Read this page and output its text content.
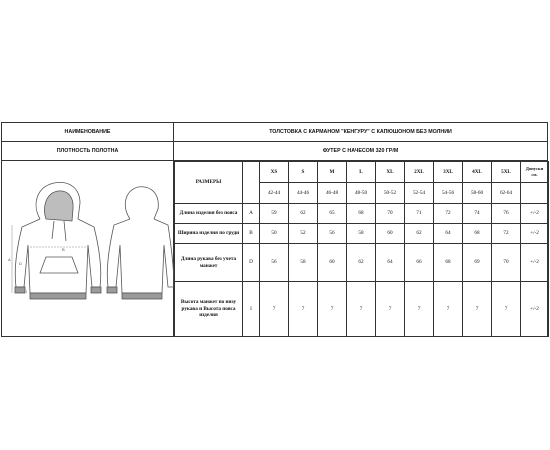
НАИМЕНОВАНИЕ	ТОЛСТОВКА С КАРМАНОМ "КЕНГУРУ" С КАПЮШОНОМ БЕЗ МОЛНИИ
ПЛОТНОСТЬ ПОЛОТНА	ФУТЕР С НАЧЕСОМ 320 ГР/М
A
B
D
I
РАЗМЕРЫ		XS	S	M	L	XL	2XL	3XL	4XL	5XL	Допуски см.
		42-44	44-46	46-48	48-50	50-52	52-54	54-56	58-60	62-64	
Длина изделия без пояса	A	59	62	65	68	70	71	72	74	76	+/-2
Ширина изделия по груди	B	50	52	56	58	60	62	64	68	72	+/-2
Длина рукава без учета манжет	D	56	58	60	62	64	66	68	69	70	+/-2
Высота манжет по низу рукава и Высота пояса изделия	I	7	7	7	7	7	7	7	7	7	+/-2
